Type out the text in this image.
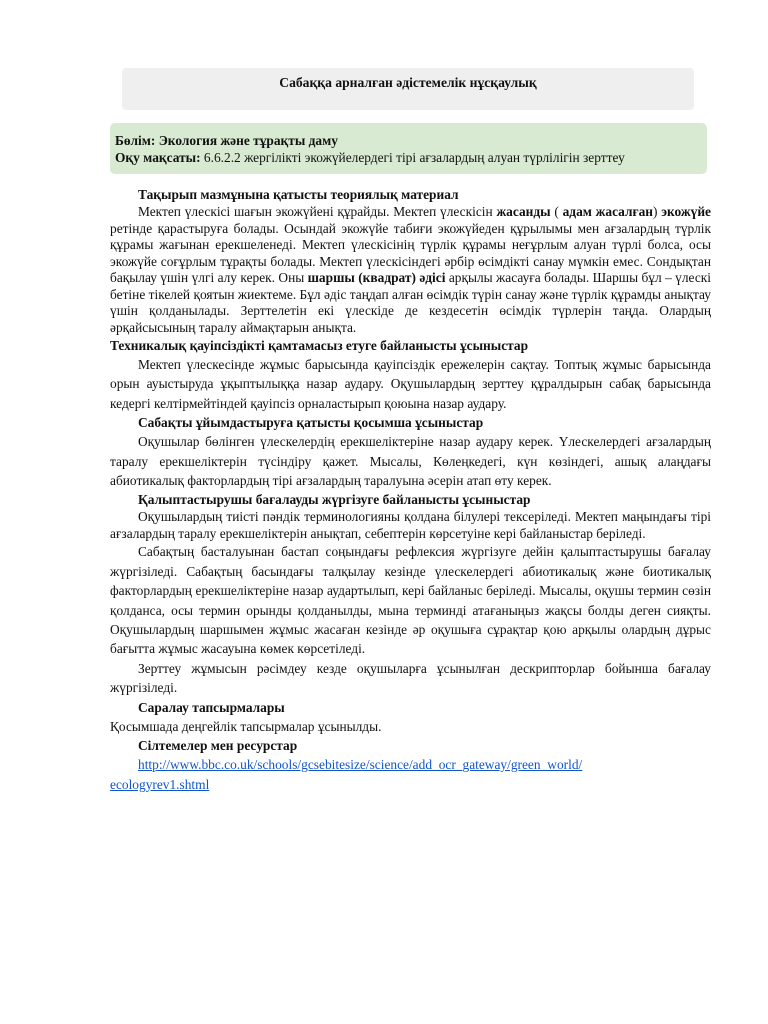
Сабаққа арналған әдістемелік нұсқаулық
Бөлім: Экология және тұрақты даму
Оқу мақсаты: 6.6.2.2 жергілікті экожүйелердегі тірі ағзалардың алуан түрлілігін зерттеу
Тақырып мазмұнына қатысты теориялық материал

Мектеп үлескісі шағын экожүйені құрайды. Мектеп үлескісін жасанды ( адам жасалған) экожүйе ретінде қарастыруға болады. Осындай экожүйе табиғи экожүйеден құрылымы мен ағзалардың түрлік құрамы жағынан ерекшеленеді. Мектеп үлескісінің түрлік құрамы неғұрлым алуан түрлі болса, осы экожүйе соғұрлым тұрақты болады. Мектеп үлескісіндегі әрбір өсімдікті санау мүмкін емес. Сондықтан бақылау үшін үлгі алу керек. Оны шаршы (квадрат) әдісі арқылы жасауға болады. Шаршы бұл – үлескі бетіне тікелей қоятын жиектеме. Бұл әдіс таңдап алған өсімдік түрін санау және түрлік құрамды анықтау үшін қолданылады. Зерттелетін екі үлескіде де кездесетін өсімдік түрлерін таңда. Олардың әрқайсысының таралу аймақтарын анықта.

Техникалық қауіпсіздікті қамтамасыз етуге байланысты ұсыныстар

Мектеп үлескесінде жұмыс барысында қауіпсіздік ережелерін сақтау. Топтық жұмыс барысында орын ауыстыруда ұқыптылыққа назар аудару. Оқушылардың зерттеу құралдырын сабақ барысында кедергі келтірмейтіндей қауіпсіз орналастырып қоюына назар аудару.

Сабақты ұйымдастыруға қатысты қосымша ұсыныстар

Оқушылар бөлінген үлескелердің ерекшеліктеріне назар аудару керек. Үлескелердегі ағзалардың таралу ерекшеліктерін түсіндіру қажет. Мысалы, Көлеңкедегі, күн көзіндегі, ашық алаңдағы абиотикалық факторлардың тірі ағзалардың таралуына әсерін атап өту керек.

Қалыптастырушы бағалауды жүргізуге байланысты ұсыныстар

Оқушылардың тиісті пәндік терминологияны қолдана білулері тексеріледі. Мектеп маңындағы тірі ағзалардың таралу ерекшеліктерін анықтап, себептерін көрсетуіне кері байланыстар беріледі.

Сабақтың басталуынан бастап соңындағы рефлексия жүргізуге дейін қалыптастырушы бағалау жүргізіледі. Сабақтың басындағы талқылау кезінде үлескелердегі абиотикалық және биотикалық факторлардың ерекшеліктеріне назар аудартылып, кері байланыс беріледі. Мысалы, оқушы термин сөзін қолданса, осы термин орынды қолданылды, мына терминді атағаныңыз жақсы болды деген сияқты. Оқушылардың шаршымен жұмыс жасаған кезінде әр оқушыға сұрақтар қою арқылы олардың дұрыс бағытта жұмыс жасауына көмек көрсетіледі.

Зерттеу жұмысын рәсімдеу кезде оқушыларға ұсынылған дескрипторлар бойынша бағалау жүргізіледі.

Саралау тапсырмалары

Қосымшада деңгейлік тапсырмалар ұсынылды.

Сілтемелер мен ресурстар

http://www.bbc.co.uk/schools/gcsebitesize/science/add_ocr_gateway/green_world/
ecologyrev1.shtml
